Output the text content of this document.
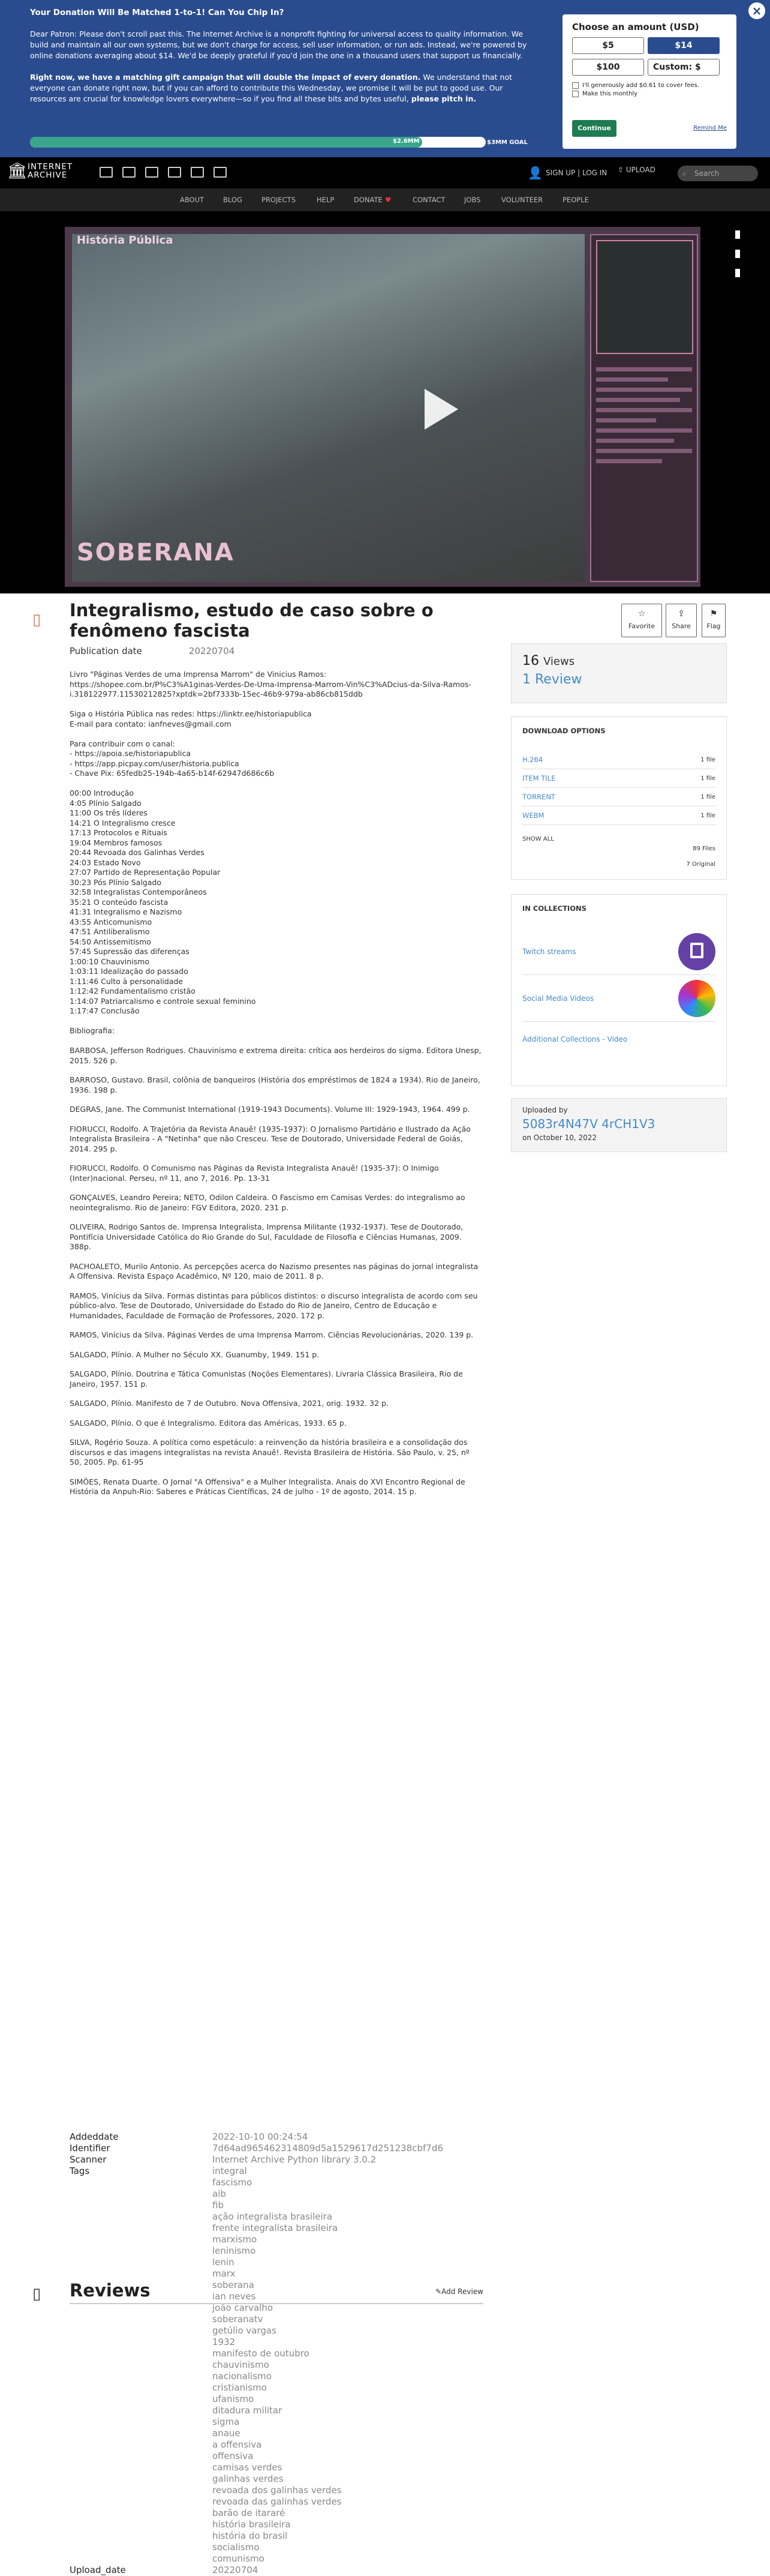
Your Donation Will Be Matched 1-to-1! Can You Chip In?

Dear Patron: Please don't scroll past this. The Internet Archive is a nonprofit fighting for universal access to quality information. We build and maintain all our own systems, but we don't charge for access, sell user information, or run ads. Instead, we're powered by online donations averaging about $14. We'd be deeply grateful if you'd join the one in a thousand users that support us financially.

Right now, we have a matching gift campaign that will double the impact of every donation. We understand that not everyone can donate right now, but if you can afford to contribute this Wednesday, we promise it will be put to good use. Our resources are crucial for knowledge lovers everywhere—so if you find all these bits and bytes useful, please pitch in.

$2.6MM	$3MM GOAL
Choose an amount (USD)
$5	$14
$100	Custom: $
I'll generously add $0.61 to cover fees.
Make this monthly
Continue	Remind Me
×
🏛 INTERNET
ARCHIVE	👤 SIGN UP | LOG IN ⇧ UPLOAD	⌕ Search
ABOUT	BLOG	PROJECTS	HELP	DONATE ♥	CONTACT	JOBS	VOLUNTEER	PEOPLE
História Pública
SOBERANA
▯	☆
Favorite
⇪
Share
⚑
Flag
Integralismo, estudo de caso sobre o fenômeno fascista
Publication date	20220704

Livro "Páginas Verdes de uma Imprensa Marrom" de Vinicius Ramos:
https://shopee.com.br/P%C3%A1ginas-Verdes-De-Uma-Imprensa-Marrom-Vin%C3%ADcius-da-Silva-Ramos-i.318122977.11530212825?xptdk=2bf7333b-15ec-46b9-979a-ab86cb815ddb

Siga o História Pública nas redes: https://linktr.ee/historiapublica
E-mail para contato: ianfneves@gmail.com

Para contribuir com o canal:
- https://apoia.se/historiapublica
- https://app.picpay.com/user/historia.publica
- Chave Pix: 65fedb25-194b-4a65-b14f-62947d686c6b

00:00 Introdução
4:05 Plínio Salgado
11:00 Os três líderes
14:21 O Integralismo cresce
17:13 Protocolos e Rituais
19:04 Membros famosos
20:44 Revoada dos Galinhas Verdes
24:03 Estado Novo
27:07 Partido de Representação Popular
30:23 Pós Plínio Salgado
32:58 Integralistas Contemporâneos
35:21 O conteúdo fascista
41:31 Integralismo e Nazismo
43:55 Anticomunismo
47:51 Antiliberalismo
54:50 Antissemitismo
57:45 Supressão das diferenças
1:00:10 Chauvinismo
1:03:11 Idealização do passado
1:11:46 Culto à personalidade
1:12:42 Fundamentalismo cristão
1:14:07 Patriarcalismo e controle sexual feminino
1:17:47 Conclusão

Bibliografia:

BARBOSA, Jefferson Rodrigues. Chauvinismo e extrema direita: crítica aos herdeiros do sigma. Editora Unesp, 2015. 526 p.

BARROSO, Gustavo. Brasil, colônia de banqueiros (História dos empréstimos de 1824 a 1934). Rio de Janeiro, 1936. 198 p.

DEGRAS, Jane. The Communist International (1919-1943 Documents). Volume III: 1929-1943, 1964. 499 p.

FIORUCCI, Rodolfo. A Trajetória da Revista Anauê! (1935-1937): O Jornalismo Partidário e Ilustrado da Ação Integralista Brasileira - A "Netinha" que não Cresceu. Tese de Doutorado, Universidade Federal de Goiás, 2014. 295 p.

FIORUCCI, Rodolfo. O Comunismo nas Páginas da Revista Integralista Anauê! (1935-37): O Inimigo (Inter)nacional. Perseu, nº 11, ano 7, 2016. Pp. 13-31

GONÇALVES, Leandro Pereira; NETO, Odilon Caldeira. O Fascismo em Camisas Verdes: do integralismo ao neointegralismo. Rio de Janeiro: FGV Editora, 2020. 231 p.

OLIVEIRA, Rodrigo Santos de. Imprensa Integralista, Imprensa Militante (1932-1937). Tese de Doutorado, Pontifícia Universidade Católica do Rio Grande do Sul, Faculdade de Filosofia e Ciências Humanas, 2009. 388p.

PACHOALETO, Murilo Antonio. As percepções acerca do Nazismo presentes nas páginas do jornal integralista A Offensiva. Revista Espaço Acadêmico, Nº 120, maio de 2011. 8 p.

RAMOS, Vinícius da Silva. Formas distintas para públicos distintos: o discurso integralista de acordo com seu público-alvo. Tese de Doutorado, Universidade do Estado do Rio de Janeiro, Centro de Educação e Humanidades, Faculdade de Formação de Professores, 2020. 172 p.

RAMOS, Vinícius da Silva. Páginas Verdes de uma Imprensa Marrom. Ciências Revolucionárias, 2020. 139 p.

SALGADO, Plínio. A Mulher no Século XX. Guanumby, 1949. 151 p.

SALGADO, Plínio. Doutrina e Tática Comunistas (Noções Elementares). Livraria Clássica Brasileira, Rio de Janeiro, 1957. 151 p.

SALGADO, Plínio. Manifesto de 7 de Outubro. Nova Offensiva, 2021, orig. 1932. 32 p.

SALGADO, Plínio. O que é Integralismo. Editora das Américas, 1933. 65 p.

SILVA, Rogério Souza. A política como espetáculo: a reinvenção da história brasileira e a consolidação dos discursos e das imagens integralistas na revista Anauê!. Revista Brasileira de História. São Paulo, v. 25, nº 50, 2005. Pp. 61-95

SIMÕES, Renata Duarte. O Jornal "A Offensiva" e a Mulher Integralista. Anais do XVI Encontro Regional de História da Anpuh-Rio: Saberes e Práticas Científicas, 24 de julho - 1º de agosto, 2014. 15 p.

Addeddate	2022-10-10 00:24:54
Identifier	7d64ad965462314809d5a1529617d251238cbf7d6
Scanner	Internet Archive Python library 3.0.2
Tags	integral
fascismo
aib
fib
ação integralista brasileira
frente integralista brasileira
marxismo
leninismo
lenin
marx
soberana
ian neves
joão carvalho
soberanatv
getúlio vargas
1932
manifesto de outubro
chauvinismo
nacionalismo
cristianismo
ufanismo
ditadura militar
sigma
anaue
a offensiva
offensiva
camisas verdes
galinhas verdes
revoada dos galinhas verdes
revoada das galinhas verdes
barão de itararé
história brasileira
história do brasil
socialismo
comunismo
Upload_date	20220704
▯ Reviews	✎Add Review
16 Views
1 Review
DOWNLOAD OPTIONS
H.264	1 file
ITEM TILE	1 file
TORRENT	1 file
WEBM	1 file
SHOW ALL
89 Files
7 Original
IN COLLECTIONS
Twitch streams
Social Media Videos
Additional Collections - Video
Uploaded by
5083r4N47V 4rCH1V3
on October 10, 2022
